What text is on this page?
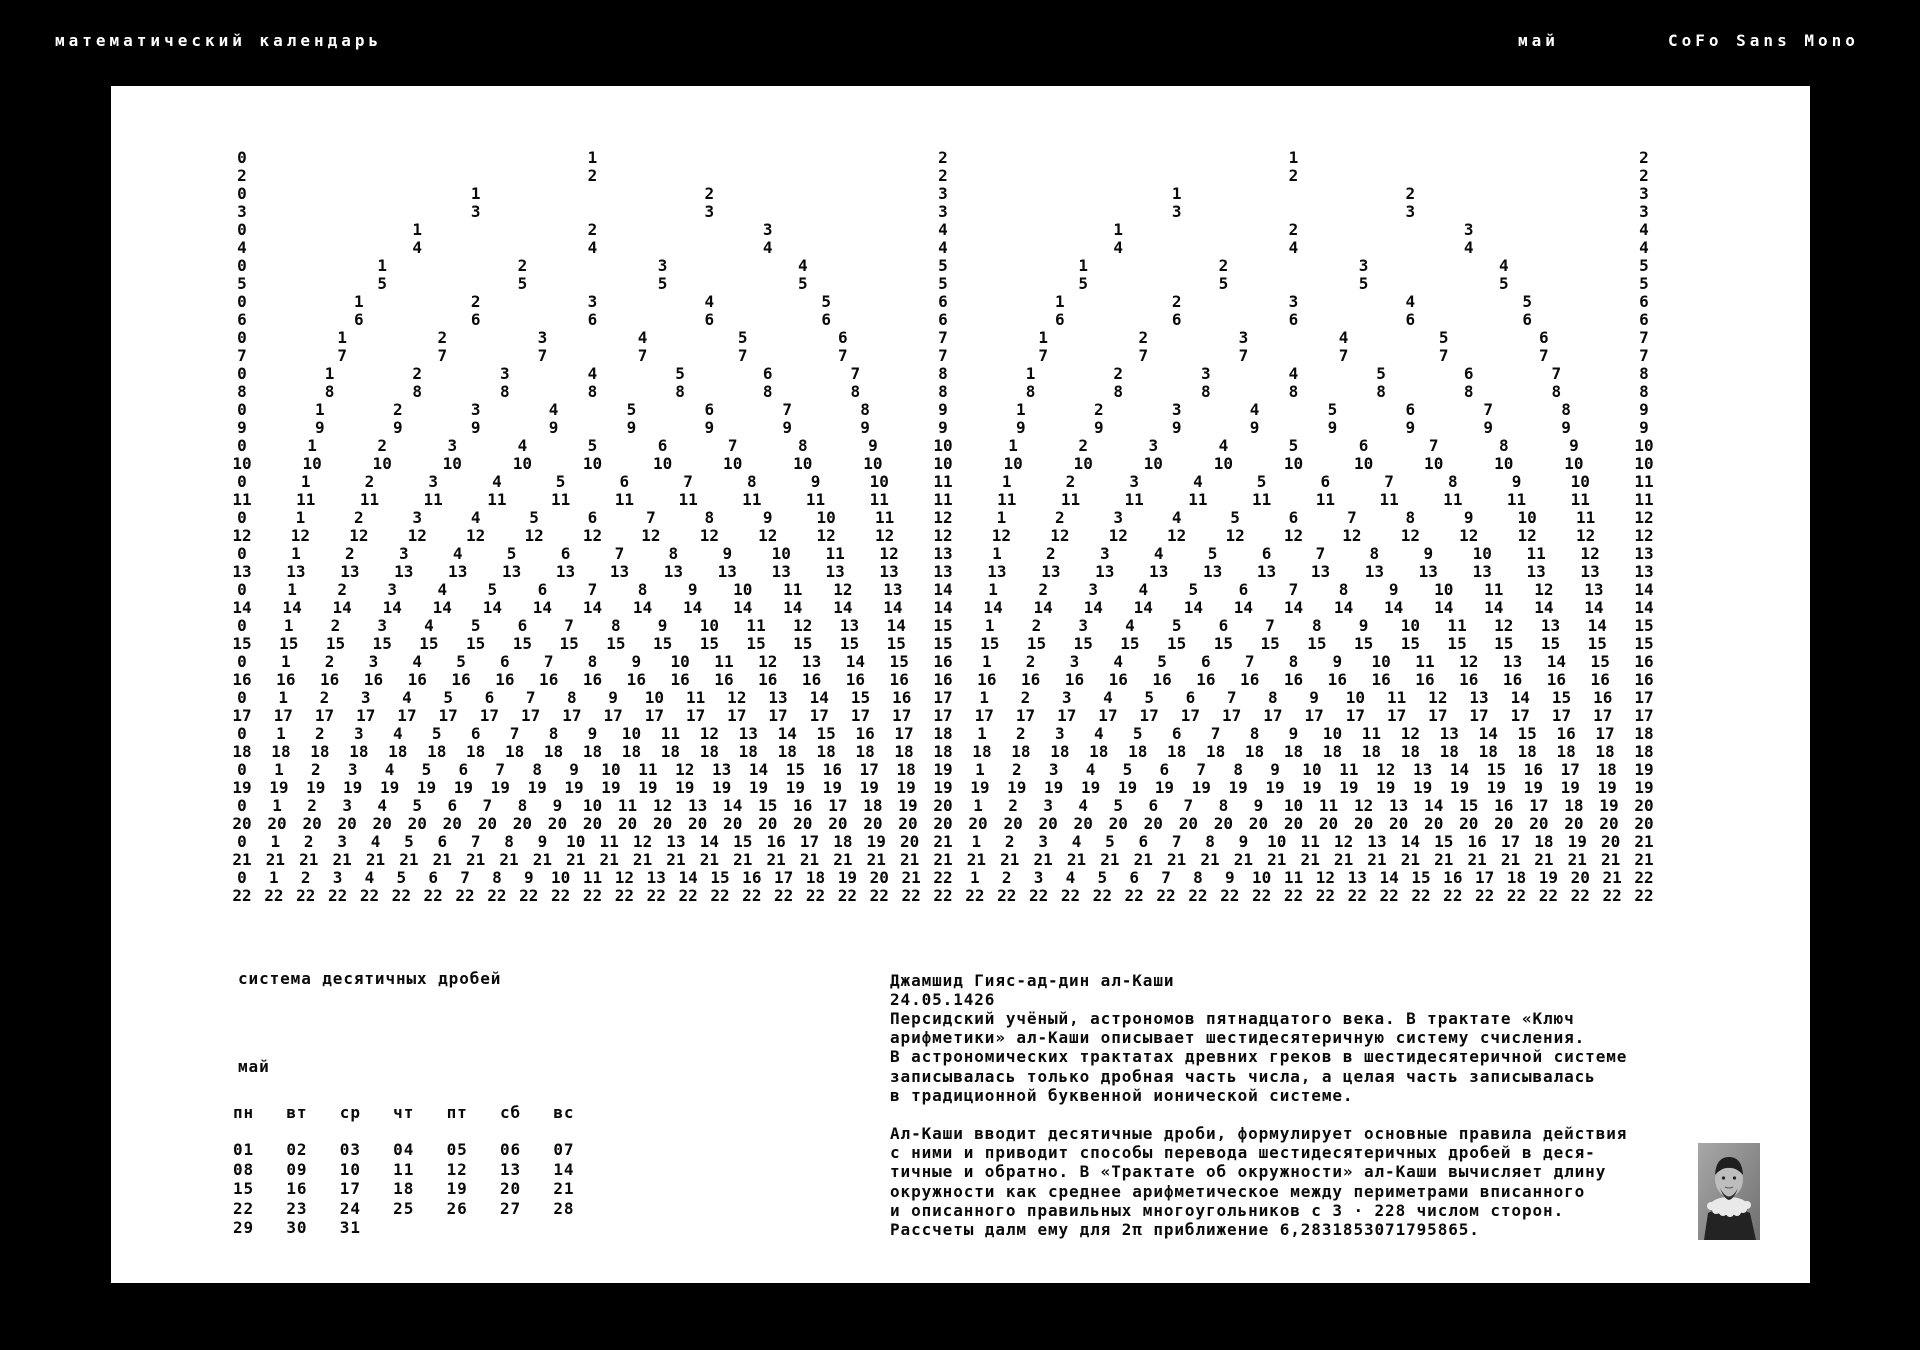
математический календарь	май	CoFo Sans Mono
0
2
1
2
2
2
1
2
2
2
0
3
1
3
2
3
3
3
1
3
2
3
3
3
0
4
1
4
2
4
3
4
4
4
1
4
2
4
3
4
4
4
0
5
1
5
2
5
3
5
4
5
5
5
1
5
2
5
3
5
4
5
5
5
0
6
1
6
2
6
3
6
4
6
5
6
6
6
1
6
2
6
3
6
4
6
5
6
6
6
0
7
1
7
2
7
3
7
4
7
5
7
6
7
7
7
1
7
2
7
3
7
4
7
5
7
6
7
7
7
0
8
1
8
2
8
3
8
4
8
5
8
6
8
7
8
8
8
1
8
2
8
3
8
4
8
5
8
6
8
7
8
8
8
0
9
1
9
2
9
3
9
4
9
5
9
6
9
7
9
8
9
9
9
1
9
2
9
3
9
4
9
5
9
6
9
7
9
8
9
9
9
0
10
1
10
2
10
3
10
4
10
5
10
6
10
7
10
8
10
9
10
10
10
1
10
2
10
3
10
4
10
5
10
6
10
7
10
8
10
9
10
10
10
0
11
1
11
2
11
3
11
4
11
5
11
6
11
7
11
8
11
9
11
10
11
11
11
1
11
2
11
3
11
4
11
5
11
6
11
7
11
8
11
9
11
10
11
11
11
0
12
1
12
2
12
3
12
4
12
5
12
6
12
7
12
8
12
9
12
10
12
11
12
12
12
1
12
2
12
3
12
4
12
5
12
6
12
7
12
8
12
9
12
10
12
11
12
12
12
0
13
1
13
2
13
3
13
4
13
5
13
6
13
7
13
8
13
9
13
10
13
11
13
12
13
13
13
1
13
2
13
3
13
4
13
5
13
6
13
7
13
8
13
9
13
10
13
11
13
12
13
13
13
0
14
1
14
2
14
3
14
4
14
5
14
6
14
7
14
8
14
9
14
10
14
11
14
12
14
13
14
14
14
1
14
2
14
3
14
4
14
5
14
6
14
7
14
8
14
9
14
10
14
11
14
12
14
13
14
14
14
0
15
1
15
2
15
3
15
4
15
5
15
6
15
7
15
8
15
9
15
10
15
11
15
12
15
13
15
14
15
15
15
1
15
2
15
3
15
4
15
5
15
6
15
7
15
8
15
9
15
10
15
11
15
12
15
13
15
14
15
15
15
0
16
1
16
2
16
3
16
4
16
5
16
6
16
7
16
8
16
9
16
10
16
11
16
12
16
13
16
14
16
15
16
16
16
1
16
2
16
3
16
4
16
5
16
6
16
7
16
8
16
9
16
10
16
11
16
12
16
13
16
14
16
15
16
16
16
0
17
1
17
2
17
3
17
4
17
5
17
6
17
7
17
8
17
9
17
10
17
11
17
12
17
13
17
14
17
15
17
16
17
17
17
1
17
2
17
3
17
4
17
5
17
6
17
7
17
8
17
9
17
10
17
11
17
12
17
13
17
14
17
15
17
16
17
17
17
0
18
1
18
2
18
3
18
4
18
5
18
6
18
7
18
8
18
9
18
10
18
11
18
12
18
13
18
14
18
15
18
16
18
17
18
18
18
1
18
2
18
3
18
4
18
5
18
6
18
7
18
8
18
9
18
10
18
11
18
12
18
13
18
14
18
15
18
16
18
17
18
18
18
0
19
1
19
2
19
3
19
4
19
5
19
6
19
7
19
8
19
9
19
10
19
11
19
12
19
13
19
14
19
15
19
16
19
17
19
18
19
19
19
1
19
2
19
3
19
4
19
5
19
6
19
7
19
8
19
9
19
10
19
11
19
12
19
13
19
14
19
15
19
16
19
17
19
18
19
19
19
0
20
1
20
2
20
3
20
4
20
5
20
6
20
7
20
8
20
9
20
10
20
11
20
12
20
13
20
14
20
15
20
16
20
17
20
18
20
19
20
20
20
1
20
2
20
3
20
4
20
5
20
6
20
7
20
8
20
9
20
10
20
11
20
12
20
13
20
14
20
15
20
16
20
17
20
18
20
19
20
20
20
0
21
1
21
2
21
3
21
4
21
5
21
6
21
7
21
8
21
9
21
10
21
11
21
12
21
13
21
14
21
15
21
16
21
17
21
18
21
19
21
20
21
21
21
1
21
2
21
3
21
4
21
5
21
6
21
7
21
8
21
9
21
10
21
11
21
12
21
13
21
14
21
15
21
16
21
17
21
18
21
19
21
20
21
21
21
0
22
1
22
2
22
3
22
4
22
5
22
6
22
7
22
8
22
9
22
10
22
11
22
12
22
13
22
14
22
15
22
16
22
17
22
18
22
19
22
20
22
21
22
22
22
1
22
2
22
3
22
4
22
5
22
6
22
7
22
8
22
9
22
10
22
11
22
12
22
13
22
14
22
15
22
16
22
17
22
18
22
19
22
20
22
21
22
22
22
система десятичных дробей
май
пн вт ср чт пт сб вс
01 02 03 04 05 06 07
08 09 10 11 12 13 14
15 16 17 18 19 20 21
22 23 24 25 26 27 28
29 30 31
Джамшид Гияс-ад-дин ал-Каши
24.05.1426
Персидский учёный, астрономов пятнадцатого века. В трактате «Ключ
арифметики» ал-Каши описывает шестидесятеричную систему счисления.
В астрономических трактатах древних греков в шестидесятеричной системе
записывалась только дробная часть числа, а целая часть записывалась
в традиционной буквенной ионической системе.
Ал-Каши вводит десятичные дроби, формулирует основные правила действия
с ними и приводит способы перевода шестидесятеричных дробей в деся-
тичные и обратно. В «Трактате об окружности» ал-Каши вычисляет длину
окружности как среднее арифметическое между периметрами вписанного
и описанного правильных многоугольников с 3 · 228 числом сторон.
Рассчеты далм ему для 2π приближение 6,2831853071795865.
